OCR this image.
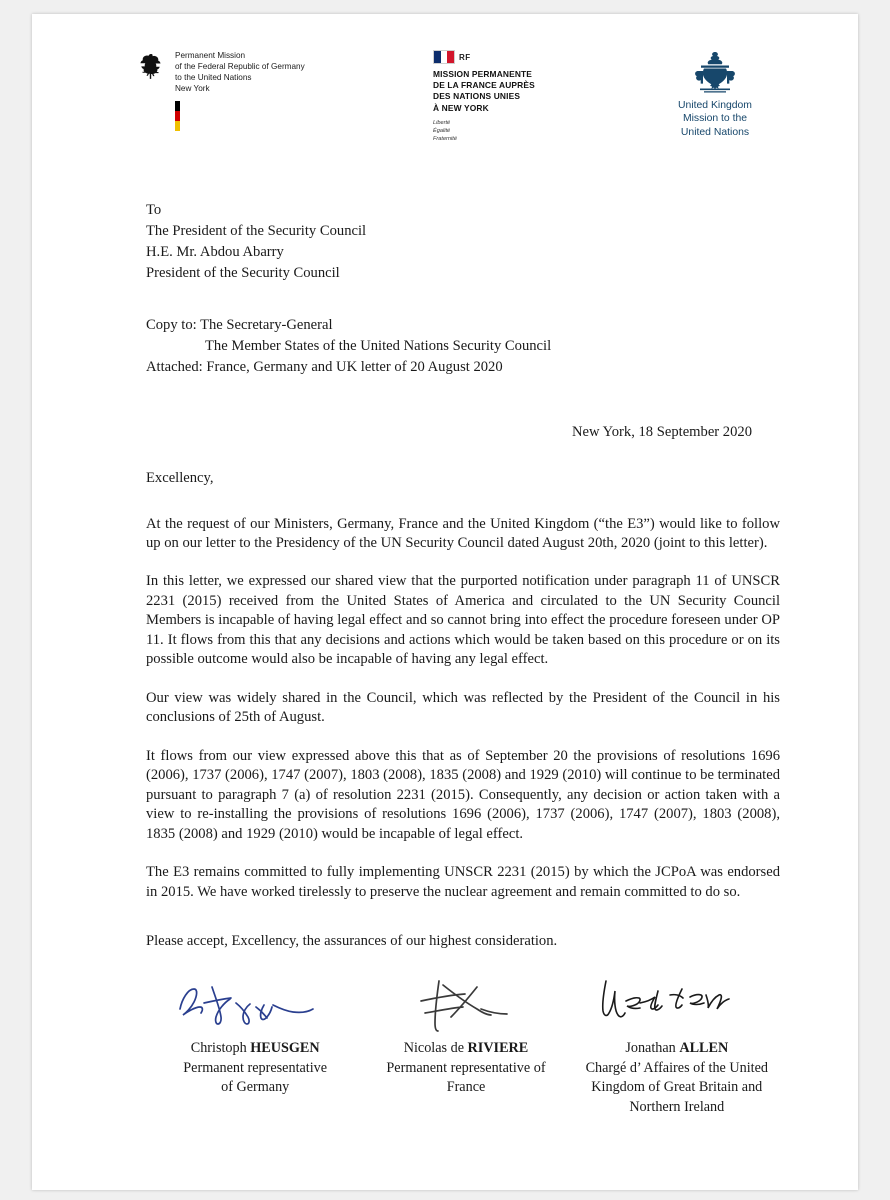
Permanent Mission
of the Federal Republic of Germany
to the United Nations
New York
RF
MISSION PERMANENTE
DE LA FRANCE AUPRÈS
DES NATIONS UNIES
À NEW YORK
Liberté
Égalité
Fraternité
United Kingdom
Mission to the
United Nations
To
The President of the Security Council
H.E. Mr. Abdou Abarry
President of the Security Council
Copy to: The Secretary-General
The Member States of the United Nations Security Council
Attached: France, Germany and UK letter of 20 August 2020
New York, 18 September 2020
Excellency,

At the request of our Ministers, Germany, France and the United Kingdom (“the E3”) would like to follow up on our letter to the Presidency of the UN Security Council dated August 20th, 2020 (joint to this letter).

In this letter, we expressed our shared view that the purported notification under paragraph 11 of UNSCR 2231 (2015) received from the United States of America and circulated to the UN Security Council Members is incapable of having legal effect and so cannot bring into effect the procedure foreseen under OP 11. It flows from this that any decisions and actions which would be taken based on this procedure or on its possible outcome would also be incapable of having any legal effect.

Our view was widely shared in the Council, which was reflected by the President of the Council in his conclusions of 25th of August.

It flows from our view expressed above this that as of September 20 the provisions of resolutions 1696 (2006), 1737 (2006), 1747 (2007), 1803 (2008), 1835 (2008) and 1929 (2010) will continue to be terminated pursuant to paragraph 7 (a) of resolution 2231 (2015). Consequently, any decision or action taken with a view to re-installing the provisions of resolutions 1696 (2006), 1737 (2006), 1747 (2007), 1803 (2008), 1835 (2008) and 1929 (2010) would be incapable of legal effect.

The E3 remains committed to fully implementing UNSCR 2231 (2015) by which the JCPoA was endorsed in 2015. We have worked tirelessly to preserve the nuclear agreement and remain committed to do so.

Please accept, Excellency, the assurances of our highest consideration.
Christoph HEUSGEN
Permanent representative
of Germany
Nicolas de RIVIERE
Permanent representative of
France
Jonathan ALLEN
Chargé d’ Affaires of the United
Kingdom of Great Britain and
Northern Ireland
